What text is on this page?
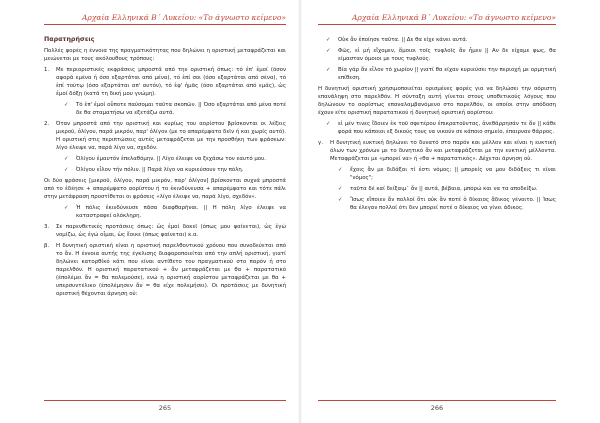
Αρχαία Ελληνικά Β΄ Λυκείου: «Το άγνωστο κείμενο»
Παρατηρήσεις

Πολλές φορές η έννοια της πραγματικότητας που δηλώνει η οριστική μεταφράζεται και μειώνεται με τους ακόλουθους τρόπους:

1.	Με περιοριστικές εκφράσεις μπροστά από την οριστική όπως: τό ἐπ' ἐμοί (όσον αφορά εμένα ή όσο εξαρτάται από μένα), τό ἐπί σοι (όσο εξαρτάται από σένα), τό ἐπί τούτῳ (όσο εξαρτάται απ' αυτόν), τό ἐφ' ἡμᾶς (όσο εξαρτάται από εμάς), ὡς ἐμοί δόξῃ (κατά τη δική μου γνώμη).
✓	Τό ἐπ' ἐμοί οὗποτε παύσομαι ταῦτα σκοπῶν. || Όσο εξαρτάται από μένα ποτέ δε θα σταματήσω να εξετάζω αυτά.
2.	Όταν μπροστά από την οριστική και κυρίως του αορίστου βρίσκονται οι λέξεις μικροῦ, ὀλίγου, παρά μικρόν, παρ' ὀλίγον (με το απαρέμφατο δεῖν ή και χωρίς αυτό). Η οριστική στις περιπτώσεις αυτές μεταφράζεται με την προσθήκη των φράσεων: λίγο έλειψε να, παρά λίγο να, σχεδόν.
✓	Ὀλίγου ἐμαυτόν ἐπελαθόμην. || Λίγο έλειψε να ξεχάσω τον εαυτό μου.
✓	Ὀλίγου εἷλον τήν πόλιν. || Παρά λίγο να κυριεύσουν την πόλη.

Οι δύο φράσεις [μικροῦ, ὀλίγου, παρά μικρόν, παρ' ὀλίγον] βρίσκονται συχνά μπροστά από το ἐδέησε + απαρέμφατο αορίστου ή το ἐκινδύνευσα + απαρέμφατο και τότε πάλι στην μετάφραση προστίθεται οι φράσεις «λίγο έλειψε να, παρά λίγο, σχεδόν».

✓	Ἡ πόλις ἐκινδύνευσε πᾶσα διαφθαρῆναι. || Η πόλη λίγο έλειψε να καταστραφεί ολόκληρη.
3.	Σε παρενθετικές προτάσεις όπως: ὡς ἐμοί δοκεῖ (όπως μου φαίνεται), ὡς ἐγώ νομίζω, ὡς ἐγώ οἶμαι, ὡς ἔοικε (όπως φαίνεται) κ.α.
β.	Η δυνητική οριστική είναι η οριστική παρελθοντικού χρόνου που συνοδεύεται από το ἄν. Η έννοια αυτής της έγκλισης διαφοροποιείται από την απλή οριστική, γιατί δηλώνει κατορθίκό κάτι που είναι αντίθετο του πραγματικού στο παρόν ή στο παρελθόν. Η οριστική παρατατικού + ἄν μεταφράζεται με θα + παρατατικό (έπολέμει ἄν = θα πολεμούσε), ενώ η οριστική αορίστου μεταφράζεται με θα + υπερσυντέλικο (έπολέμησεν ἄν = θα είχε πολεμήσει). Οι προτάσεις με δυνητική οριστική θέχονται άρνηση οὐ:
265
Αρχαία Ελληνικά Β΄ Λυκείου: «Το άγνωστο κείμενο»
✓	Οὐκ ἄν ἐποίησε ταῦτα. || Δε θα είχε κάνει αυτά.
✓	Φῶς, εἰ μή εἴχομεν, ὅμοιοι τοῖς τυφλοῖς ἄν ἦμεν || Αν δε είχαμε φως, θα είμασταν όμοιοι με τους τυφλούς.
✓	Βία γάρ ἄν εἷλον τό χωρίον || γιατί θα είχαν κυριεύσει την περιοχή με ορμητική επίθεση.

Η δυνητική οριστική χρησιμοποιείται ορισμένες φορές για να δηλώσει την αόριστη επανάληψη στο παρελθόν. Η σύνταξη αυτή γίνεται στους υποθετικούς λόγους που δηλώνουν το αορίστως επαναλαμβανόμενο στο παρελθόν, οι οποίοι στην απόδοση έχουν είτε οριστική παρατατικού ή δυνητική οριστική αορίστου:

✓	εἰ μέν τινες ἴδοιεν ἐκ τοῦ σφετέρου ἐπικρατοῦντας, ἀνεθάρρησάν τε ἄν || κάθε φορά που κάποιοι εξ δικούς τους να νικούν σε κάποιο σημείο, έπαιρναν θάρρος.
γ.	Η δυνητική ευκτική δηλώνει το δυνατό στο παρόν και μέλλον και είναι η ευκτική όλων των χρόνων με το δυνητικό ἄν και μεταφράζεται με την ευκτική μέλλοντα. Μεταφράζεται με «μπορεί να» ή «θα + παρατατικός». Δέχεται άρνηση οὐ.
✓	ἔχοις ἄν με διδάξαι τί ἐστι νόμος; || μπορείς να μου διδάξεις τι είναι "νόμος";
✓	ταῦτα δέ καί δείξαιμ᾽ ἄν || αυτά, βέβαια, μπορώ και να τα αποδείξω.
✓	Ἴσως εἴποιεν ἄν πολλοί ὅτι οὐκ ἄν ποτέ ὁ δίκαιος ἄδικος γένοιτο. || Ίσως θα έλεγαν πολλοί ότι δεν μπορεί ποτέ ο δίκαιος να γίνει άδικος.
266
